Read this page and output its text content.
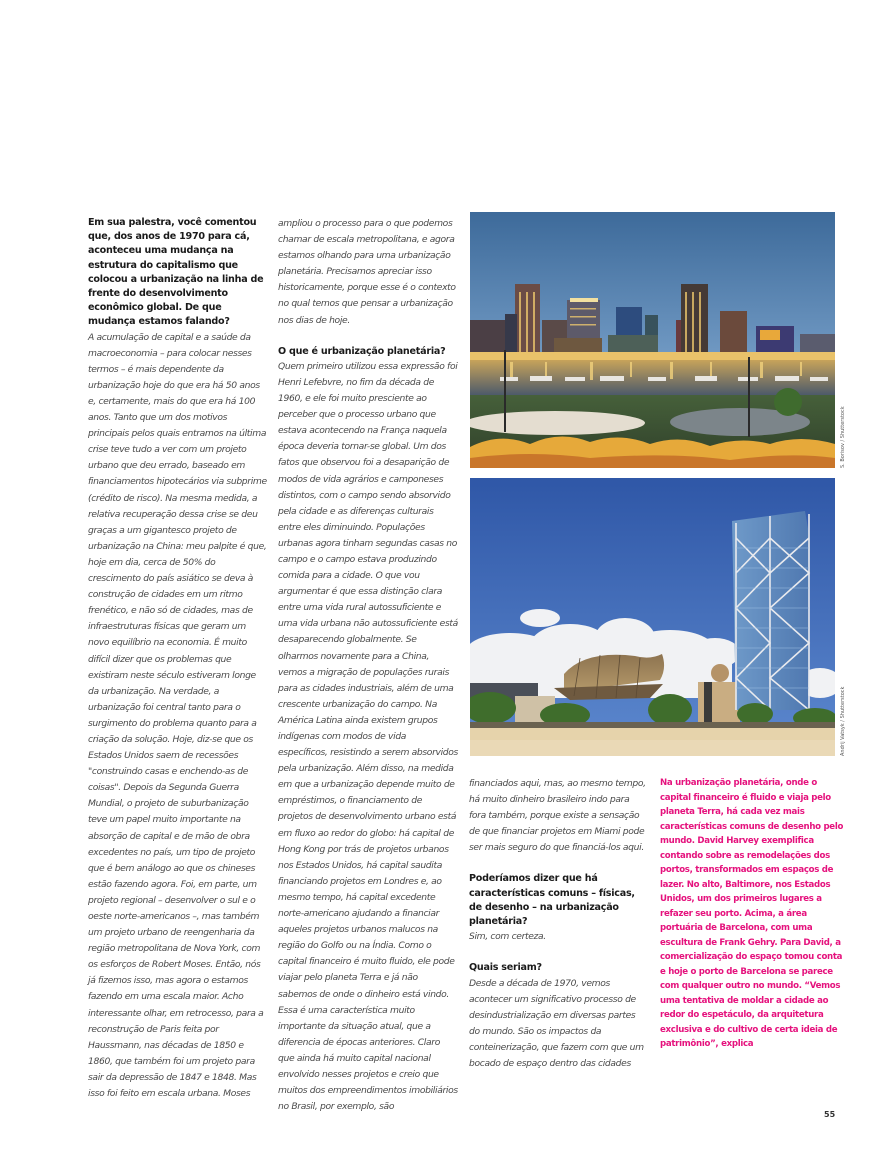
Em sua palestra, você comentou que, dos anos de 1970 para cá, aconteceu uma mudança na estrutura do capitalismo que colocou a urbanização na linha de frente do desenvolvimento econômico global. De que mudança estamos falando?

A acumulação de capital e a saúde da macroeconomia – para colocar nesses termos – é mais dependente da urbanização hoje do que era há 50 anos e, certamente, mais do que era há 100 anos. Tanto que um dos motivos principais pelos quais entramos na última crise teve tudo a ver com um projeto urbano que deu errado, baseado em financiamentos hipotecários via subprime (crédito de risco). Na mesma medida, a relativa recuperação dessa crise se deu graças a um gigantesco projeto de urbanização na China: meu palpite é que, hoje em dia, cerca de 50% do crescimento do país asiático se deva à construção de cidades em um ritmo frenético, e não só de cidades, mas de infraestruturas físicas que geram um novo equilíbrio na economia. É muito difícil dizer que os problemas que existiram neste século estiveram longe da urbanização. Na verdade, a urbanização foi central tanto para o surgimento do problema quanto para a criação da solução. Hoje, diz-se que os Estados Unidos saem de recessões "construindo casas e enchendo-as de coisas". Depois da Segunda Guerra Mundial, o projeto de suburbanização teve um papel muito importante na absorção de capital e de mão de obra excedentes no país, um tipo de projeto que é bem análogo ao que os chineses estão fazendo agora. Foi, em parte, um projeto regional – desenvolver o sul e o oeste norte-americanos –, mas também um projeto urbano de reengenharia da região metropolitana de Nova York, com os esforços de Robert Moses. Então, nós já fizemos isso, mas agora o estamos fazendo em uma escala maior. Acho interessante olhar, em retrocesso, para a reconstrução de Paris feita por Haussmann, nas décadas de 1850 e 1860, que também foi um projeto para sair da depressão de 1847 e 1848. Mas isso foi feito em escala urbana. Moses

ampliou o processo para o que podemos chamar de escala metropolitana, e agora estamos olhando para uma urbanização planetária. Precisamos apreciar isso historicamente, porque esse é o contexto no qual temos que pensar a urbanização nos dias de hoje.

O que é urbanização planetária?

Quem primeiro utilizou essa expressão foi Henri Lefebvre, no fim da década de 1960, e ele foi muito presciente ao perceber que o processo urbano que estava acontecendo na França naquela época deveria tornar-se global. Um dos fatos que observou foi a desaparição de modos de vida agrários e camponeses distintos, com o campo sendo absorvido pela cidade e as diferenças culturais entre eles diminuindo. Populações urbanas agora tinham segundas casas no campo e o campo estava produzindo comida para a cidade. O que vou argumentar é que essa distinção clara entre uma vida rural autossuficiente e uma vida urbana não autossuficiente está desaparecendo globalmente. Se olharmos novamente para a China, vemos a migração de populações rurais para as cidades industriais, além de uma crescente urbanização do campo. Na América Latina ainda existem grupos indígenas com modos de vida específicos, resistindo a serem absorvidos pela urbanização. Além disso, na medida em que a urbanização depende muito de empréstimos, o financiamento de projetos de desenvolvimento urbano está em fluxo ao redor do globo: há capital de Hong Kong por trás de projetos urbanos nos Estados Unidos, há capital saudita financiando projetos em Londres e, ao mesmo tempo, há capital excedente norte-americano ajudando a financiar aqueles projetos urbanos malucos na região do Golfo ou na Índia. Como o capital financeiro é muito fluido, ele pode viajar pelo planeta Terra e já não sabemos de onde o dinheiro está vindo. Essa é uma característica muito importante da situação atual, que a diferencia de épocas anteriores. Claro que ainda há muito capital nacional envolvido nesses projetos e creio que muitos dos empreendimentos imobiliários no Brasil, por exemplo, são

S. Borisov / Shutterstock
Andrij Vatsyk / Shutterstock

financiados aqui, mas, ao mesmo tempo, há muito dinheiro brasileiro indo para fora também, porque existe a sensação de que financiar projetos em Miami pode ser mais seguro do que financiá-los aqui.

Poderíamos dizer que há características comuns – físicas, de desenho – na urbanização planetária?

Sim, com certeza.

Quais seriam?

Desde a década de 1970, vemos acontecer um significativo processo de desindustrialização em diversas partes do mundo. São os impactos da conteinerização, que fazem com que um bocado de espaço dentro das cidades

Na urbanização planetária, onde o capital financeiro é fluido e viaja pelo planeta Terra, há cada vez mais características comuns de desenho pelo mundo. David Harvey exemplifica contando sobre as remodelações dos portos, transformados em espaços de lazer. No alto, Baltimore, nos Estados Unidos, um dos primeiros lugares a refazer seu porto. Acima, a área portuária de Barcelona, com uma escultura de Frank Gehry. Para David, a comercialização do espaço tomou conta e hoje o porto de Barcelona se parece com qualquer outro no mundo. “Vemos uma tentativa de moldar a cidade ao redor do espetáculo, da arquitetura exclusiva e do cultivo de certa ideia de patrimônio”, explica

55
